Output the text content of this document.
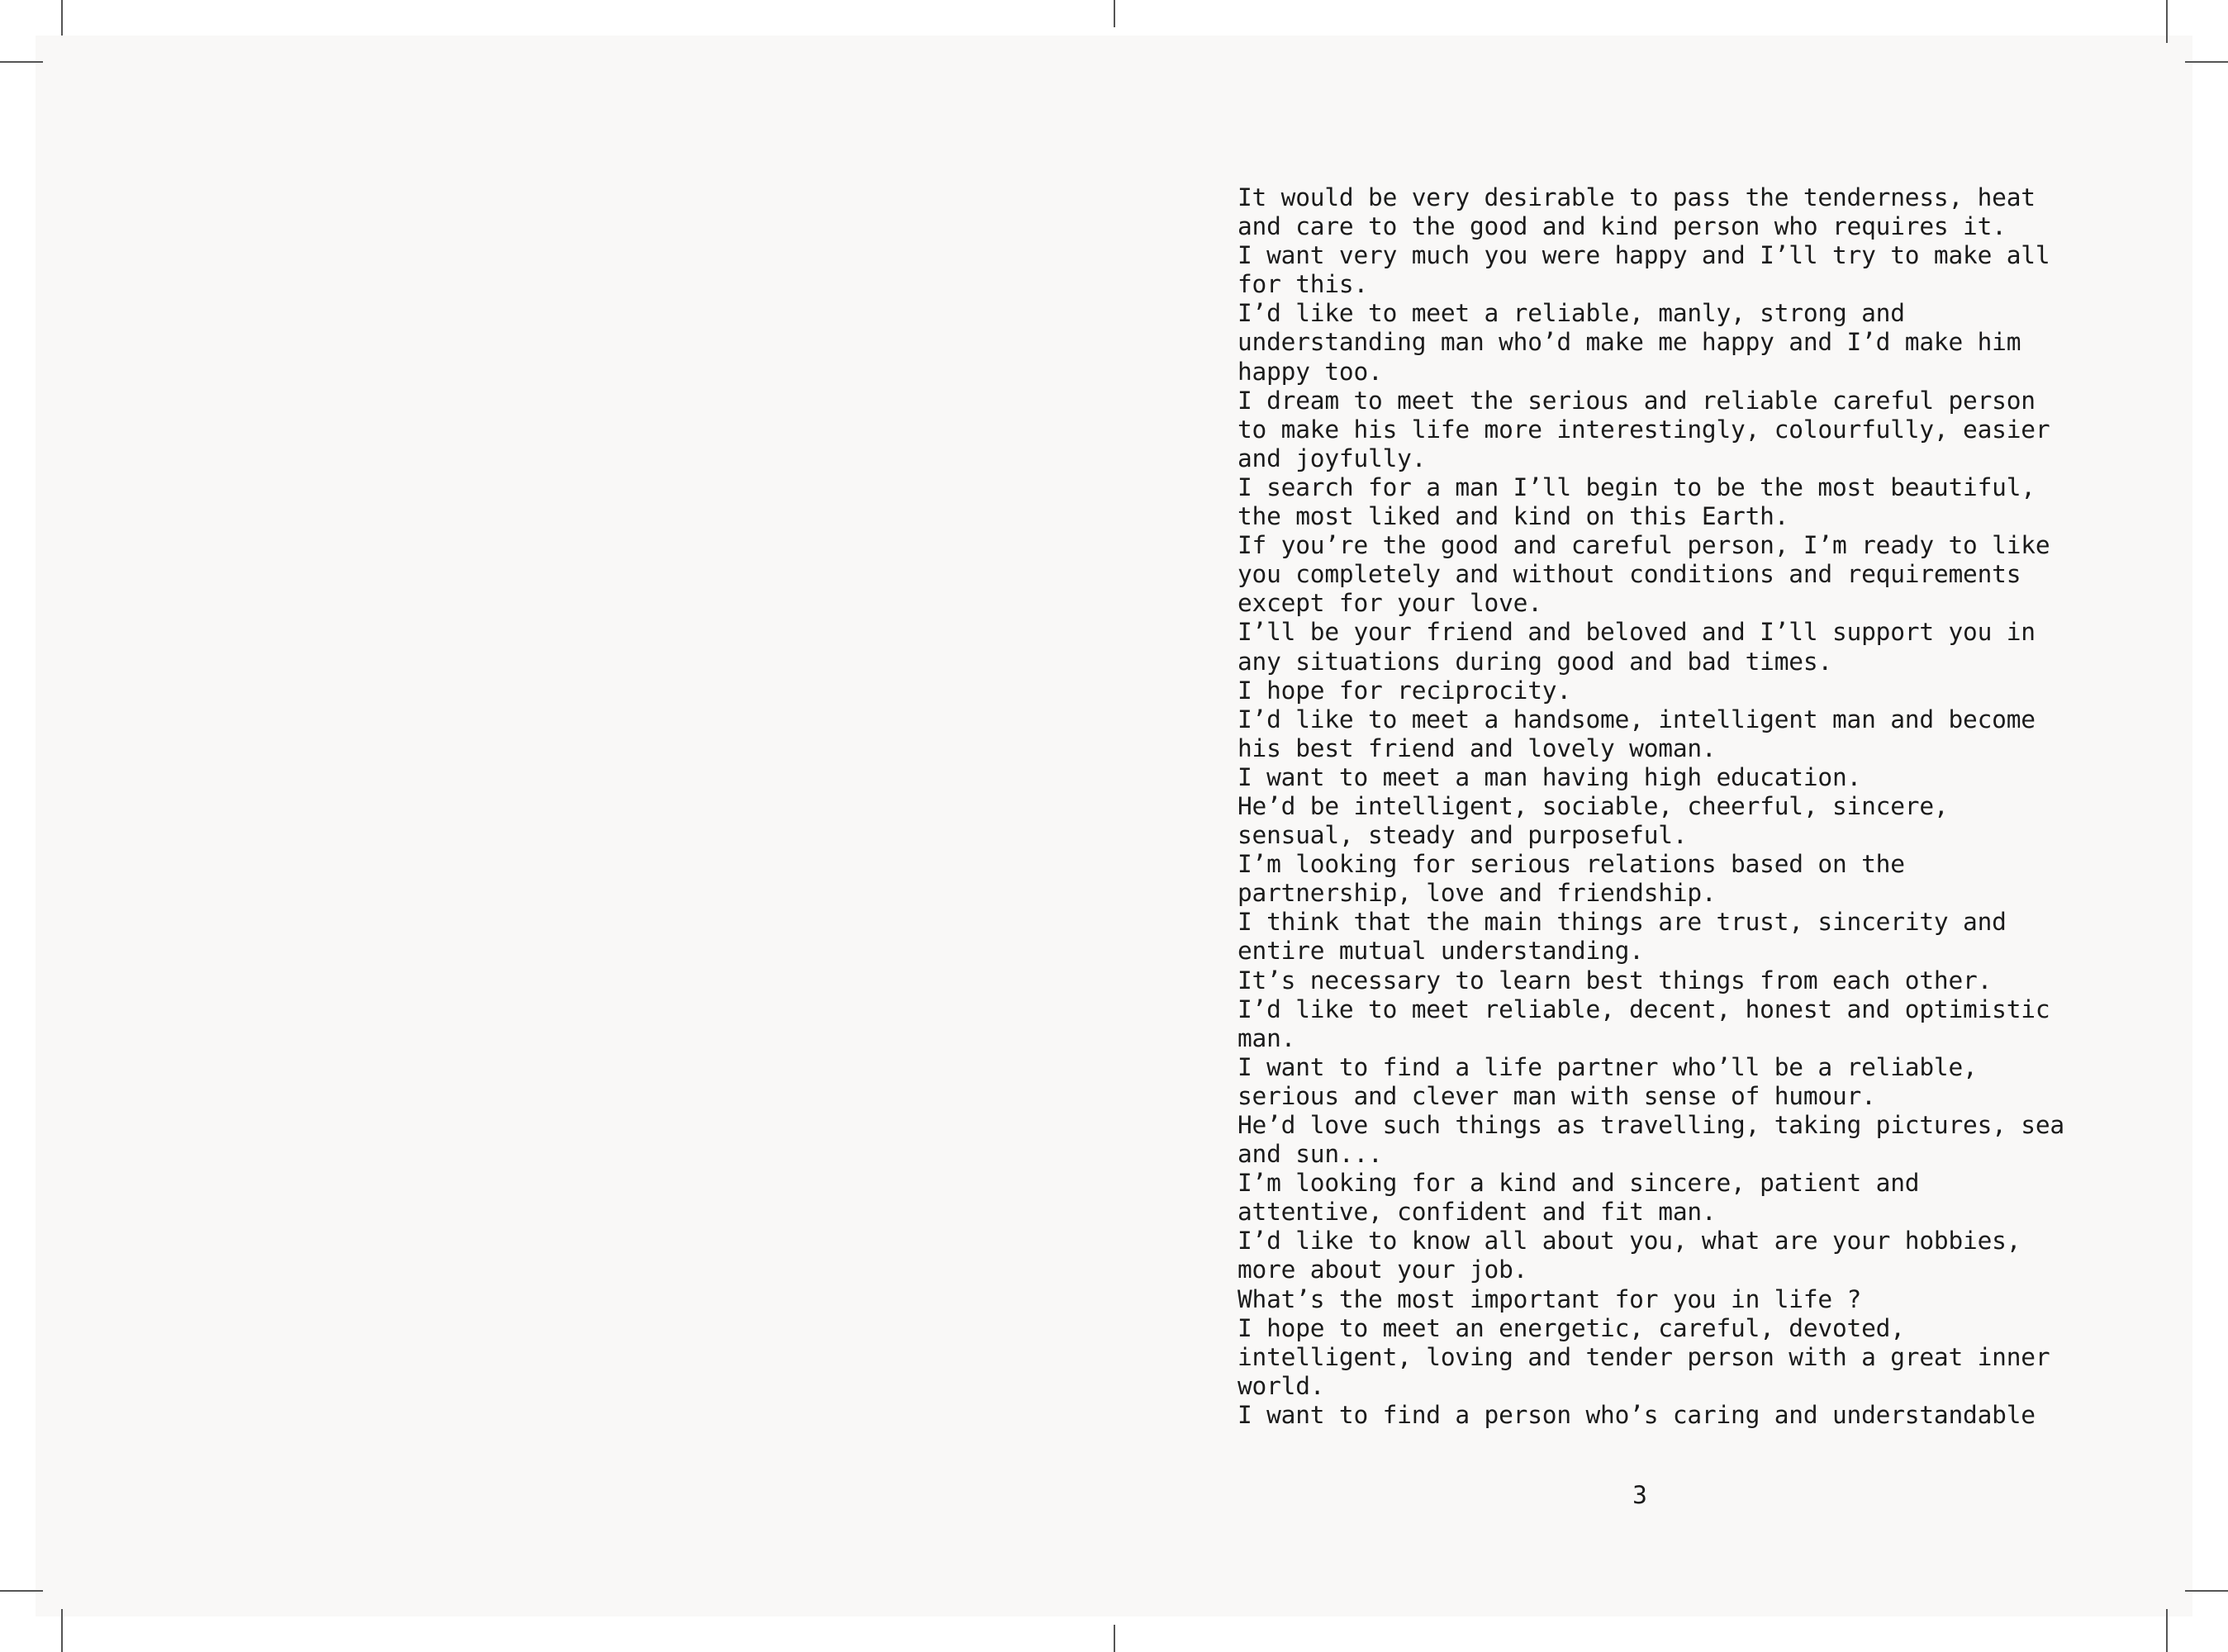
It would be very desirable to pass the tenderness, heat
and care to the good and kind person who requires it.
I want very much you were happy and I’ll try to make all
for this.
I’d like to meet a reliable, manly, strong and
understanding man who’d make me happy and I’d make him
happy too.
I dream to meet the serious and reliable careful person
to make his life more interestingly, colourfully, easier
and joyfully.
I search for a man I’ll begin to be the most beautiful,
the most liked and kind on this Earth.
If you’re the good and careful person, I’m ready to like
you completely and without conditions and requirements
except for your love.
I’ll be your friend and beloved and I’ll support you in
any situations during good and bad times.
I hope for reciprocity.
I’d like to meet a handsome, intelligent man and become
his best friend and lovely woman.
I want to meet a man having high education.
He’d be intelligent, sociable, cheerful, sincere,
sensual, steady and purposeful.
I’m looking for serious relations based on the
partnership, love and friendship.
I think that the main things are trust, sincerity and
entire mutual understanding.
It’s necessary to learn best things from each other.
I’d like to meet reliable, decent, honest and optimistic
man.
I want to find a life partner who’ll be a reliable,
serious and clever man with sense of humour.
He’d love such things as travelling, taking pictures, sea
and sun...
I’m looking for a kind and sincere, patient and
attentive, confident and fit man.
I’d like to know all about you, what are your hobbies,
more about your job.
What’s the most important for you in life ?
I hope to meet an energetic, careful, devoted,
intelligent, loving and tender person with a great inner
world.
I want to find a person who’s caring and understandable
3
